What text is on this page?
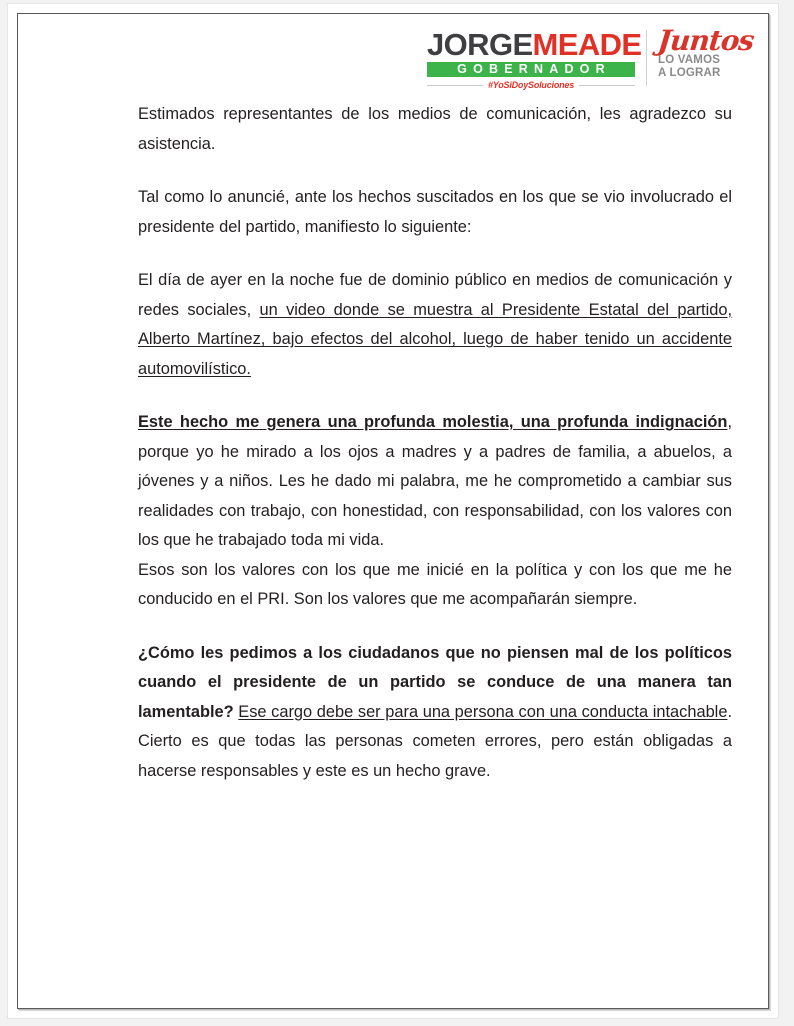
JORGEMEADE
GOBERNADOR
#YoSiDoySoluciones
Juntos
LO VAMOS
A LOGRAR

Estimados representantes de los medios de comunicación, les agradezco su asistencia.

Tal como lo anuncié, ante los hechos suscitados en los que se vio involucrado el presidente del partido, manifiesto lo siguiente:

El día de ayer en la noche fue de dominio público en medios de comunicación y redes sociales, un video donde se muestra al Presidente Estatal del partido, Alberto Martínez, bajo efectos del alcohol, luego de haber tenido un accidente automovilístico.

Este hecho me genera una profunda molestia, una profunda indignación, porque yo he mirado a los ojos a madres y a padres de familia, a abuelos, a jóvenes y a niños. Les he dado mi palabra, me he comprometido a cambiar sus realidades con trabajo, con honestidad, con responsabilidad, con los valores con los que he trabajado toda mi vida.

Esos son los valores con los que me inicié en la política y con los que me he conducido en el PRI. Son los valores que me acompañarán siempre.

¿Cómo les pedimos a los ciudadanos que no piensen mal de los políticos cuando el presidente de un partido se conduce de una manera tan lamentable? Ese cargo debe ser para una persona con una conducta intachable. Cierto es que todas las personas cometen errores, pero están obligadas a hacerse responsables y este es un hecho grave.
